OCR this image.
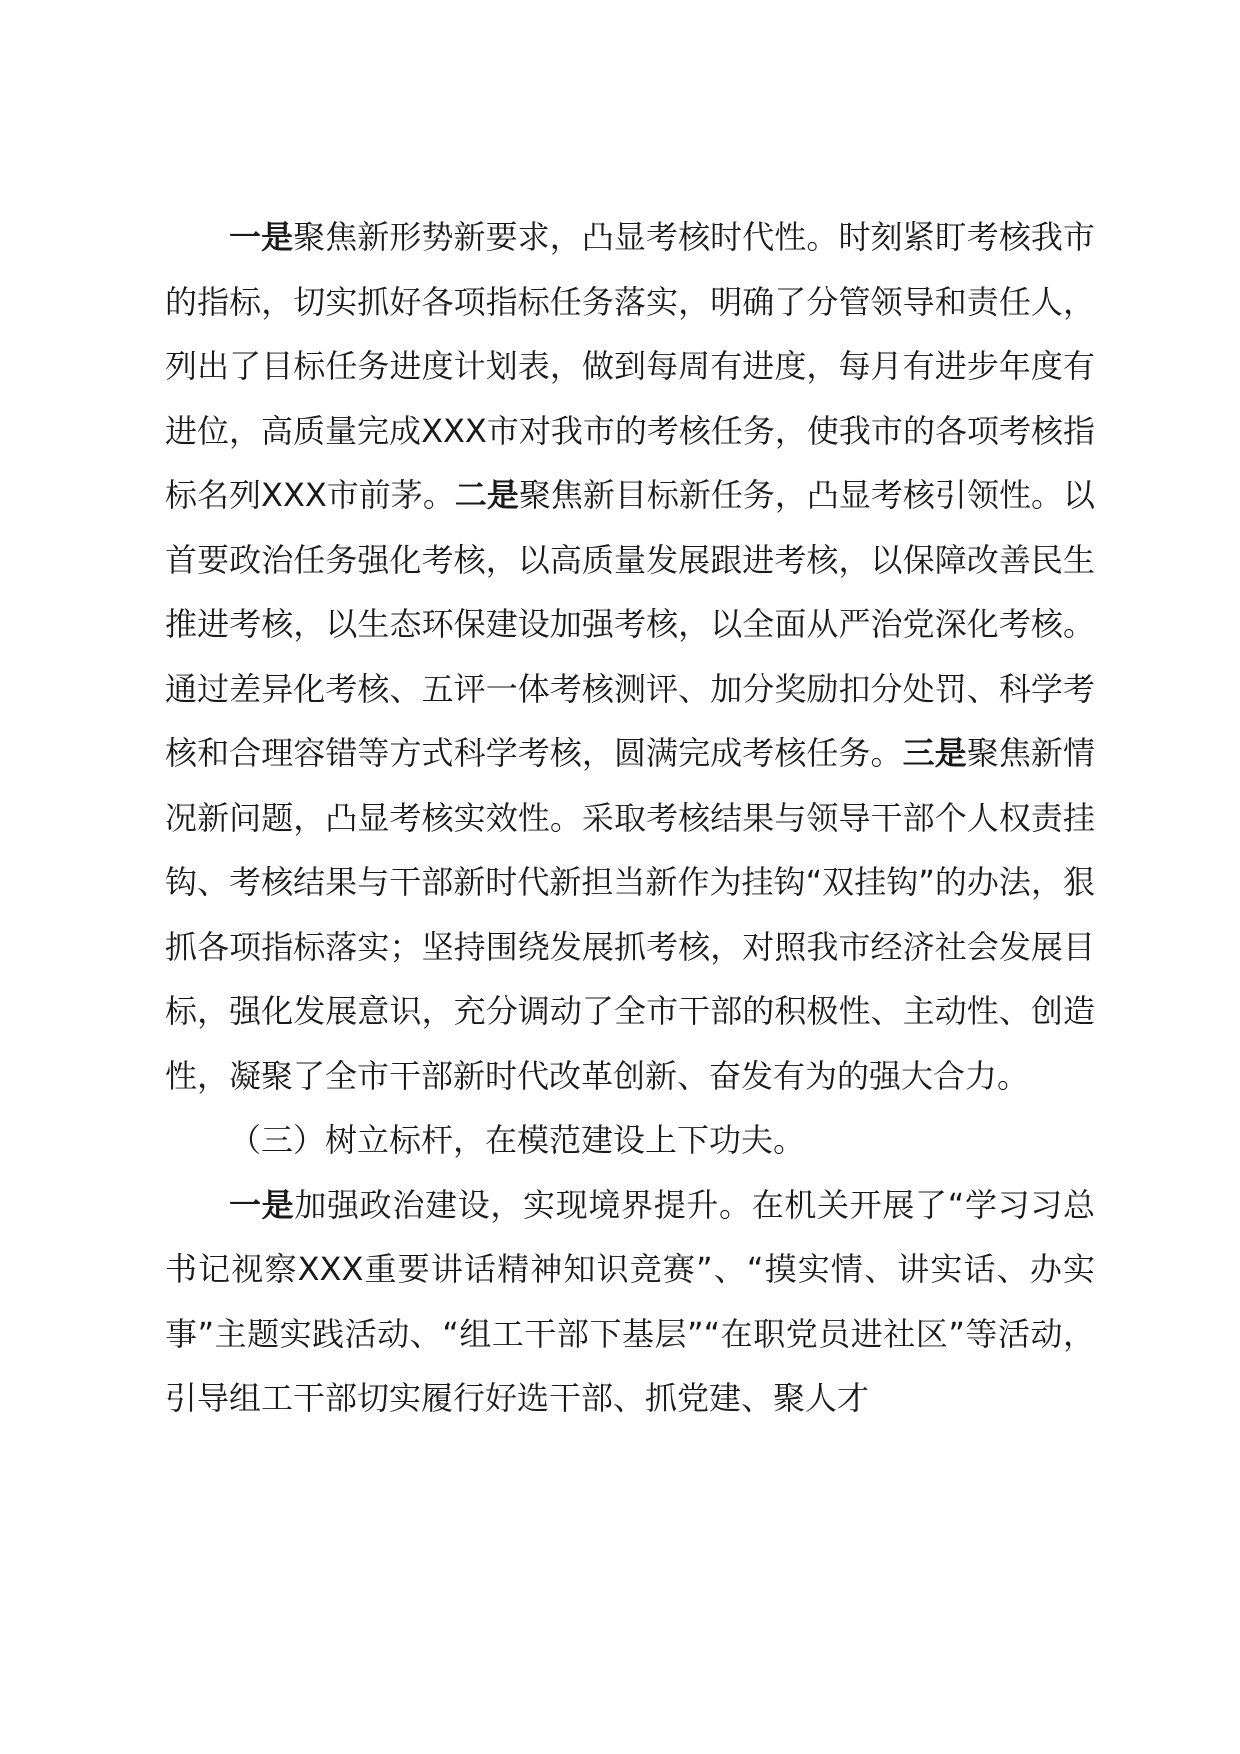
一是聚焦新形势新要求，凸显考核时代性。时刻紧盯考核我市的指标，切实抓好各项指标任务落实，明确了分管领导和责任人，列出了目标任务进度计划表，做到每周有进度，每月有进步年度有进位，高质量完成XXX市对我市的考核任务，使我市的各项考核指标名列XXX市前茅。二是聚焦新目标新任务，凸显考核引领性。以首要政治任务强化考核，以高质量发展跟进考核，以保障改善民生推进考核，以生态环保建设加强考核，以全面从严治党深化考核。通过差异化考核、五评一体考核测评、加分奖励扣分处罚、科学考核和合理容错等方式科学考核，圆满完成考核任务。三是聚焦新情况新问题，凸显考核实效性。采取考核结果与领导干部个人权责挂钩、考核结果与干部新时代新担当新作为挂钩“双挂钩”的办法，狠抓各项指标落实；坚持围绕发展抓考核，对照我市经济社会发展目标，强化发展意识，充分调动了全市干部的积极性、主动性、创造性，凝聚了全市干部新时代改革创新、奋发有为的强大合力。

（三）树立标杆，在模范建设上下功夫。

一是加强政治建设，实现境界提升。在机关开展了“学习习总书记视察XXX重要讲话精神知识竞赛”、“摸实情、讲实话、办实事”主题实践活动、“组工干部下基层”“在职党员进社区”等活动，引导组工干部切实履行好选干部、抓党建、聚人才
